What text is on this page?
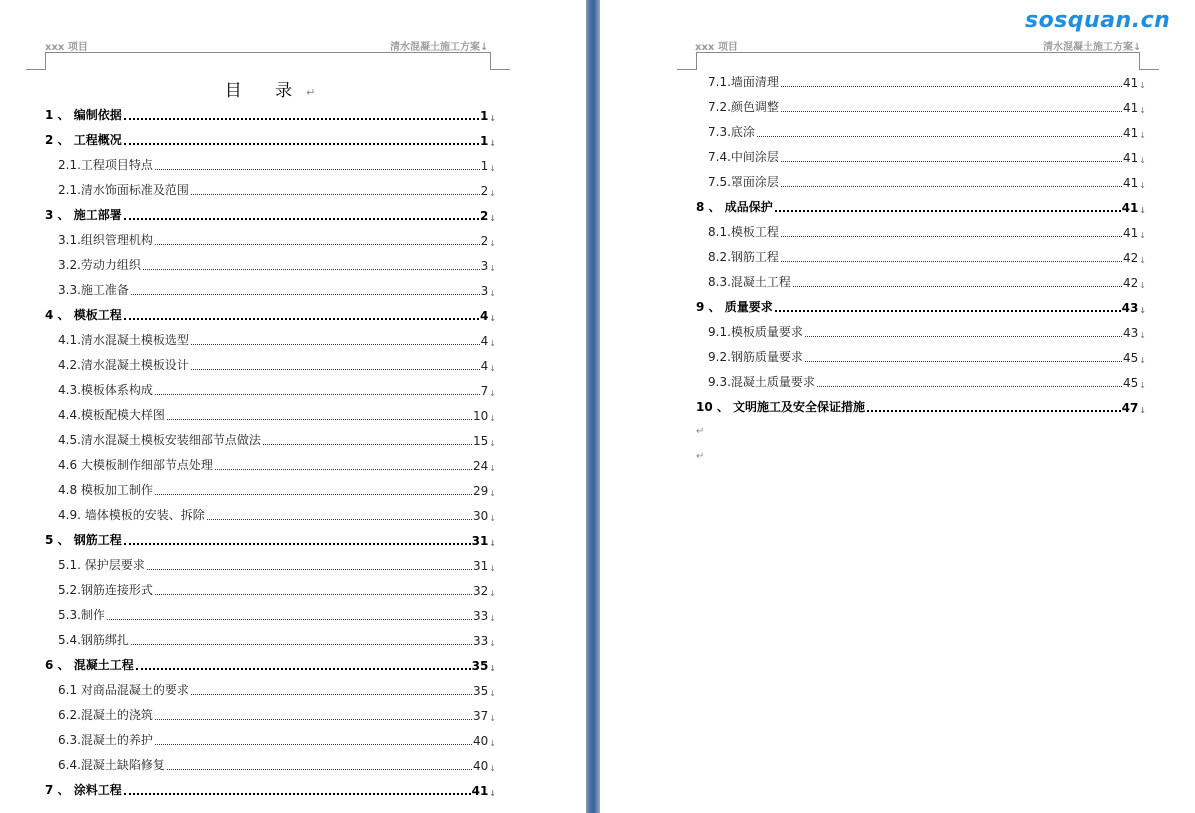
xxx 项目	清水混凝土施工方案↓
目 录↵
1 、 编制依据	1 ↓
2 、 工程概况	1 ↓
2.1.工程项目特点	1 ↓
2.1.清水饰面标准及范围	2 ↓
3 、 施工部署	2 ↓
3.1.组织管理机构	2 ↓
3.2.劳动力组织	3 ↓
3.3.施工准备	3 ↓
4 、 模板工程	4 ↓
4.1.清水混凝土模板选型	4 ↓
4.2.清水混凝土模板设计	4 ↓
4.3.模板体系构成	7 ↓
4.4.模板配模大样图	10 ↓
4.5.清水混凝土模板安装细部节点做法	15 ↓
4.6 大模板制作细部节点处理	24 ↓
4.8 模板加工制作	29 ↓
4.9. 墙体模板的安装、拆除	30 ↓
5 、 钢筋工程	31 ↓
5.1. 保护层要求	31 ↓
5.2.钢筋连接形式	32 ↓
5.3.制作	33 ↓
5.4.钢筋绑扎	33 ↓
6 、 混凝土工程	35 ↓
6.1 对商品混凝土的要求	35 ↓
6.2.混凝土的浇筑	37 ↓
6.3.混凝土的养护	40 ↓
6.4.混凝土缺陷修复	40 ↓
7 、 涂料工程	41 ↓
xxx 项目	清水混凝土施工方案↓
7.1.墙面清理	41 ↓
7.2.颜色调整	41 ↓
7.3.底涂	41 ↓
7.4.中间涂层	41 ↓
7.5.罩面涂层	41 ↓
8 、 成品保护	41 ↓
8.1.模板工程	41 ↓
8.2.钢筋工程	42 ↓
8.3.混凝土工程	42 ↓
9 、 质量要求	43 ↓
9.1.模板质量要求	43 ↓
9.2.钢筋质量要求	45 ↓
9.3.混凝土质量要求	45 ↓
10 、 文明施工及安全保证措施	47 ↓
↵
↵
sosquan.cn
